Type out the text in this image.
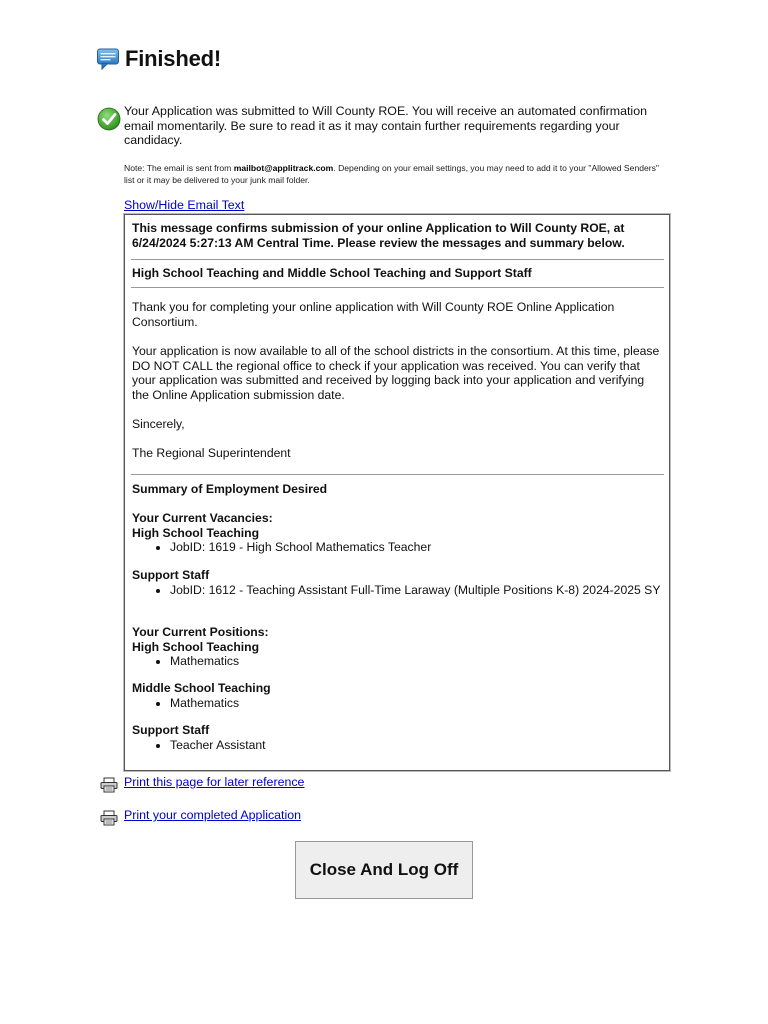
Finished!
Your Application was submitted to Will County ROE. You will receive an automated confirmation email momentarily. Be sure to read it as it may contain further requirements regarding your candidacy.
Note: The email is sent from mailbot@applitrack.com. Depending on your email settings, you may need to add it to your "Allowed Senders" list or it may be delivered to your junk mail folder.
Show/Hide Email Text
This message confirms submission of your online Application to Will County ROE, at 6/24/2024 5:27:13 AM Central Time. Please review the messages and summary below.
High School Teaching and Middle School Teaching and Support Staff
Thank you for completing your online application with Will County ROE Online Application Consortium.
Your application is now available to all of the school districts in the consortium. At this time, please DO NOT CALL the regional office to check if your application was received. You can verify that your application was submitted and received by logging back into your application and verifying the Online Application submission date.
Sincerely,
The Regional Superintendent
Summary of Employment Desired
Your Current Vacancies:
High School Teaching
• JobID: 1619 - High School Mathematics Teacher
Support Staff
• JobID: 1612 - Teaching Assistant Full-Time Laraway (Multiple Positions K-8) 2024-2025 SY
Your Current Positions:
High School Teaching
• Mathematics
Middle School Teaching
• Mathematics
Support Staff
• Teacher Assistant
Print this page for later reference
Print your completed Application
Close And Log Off
